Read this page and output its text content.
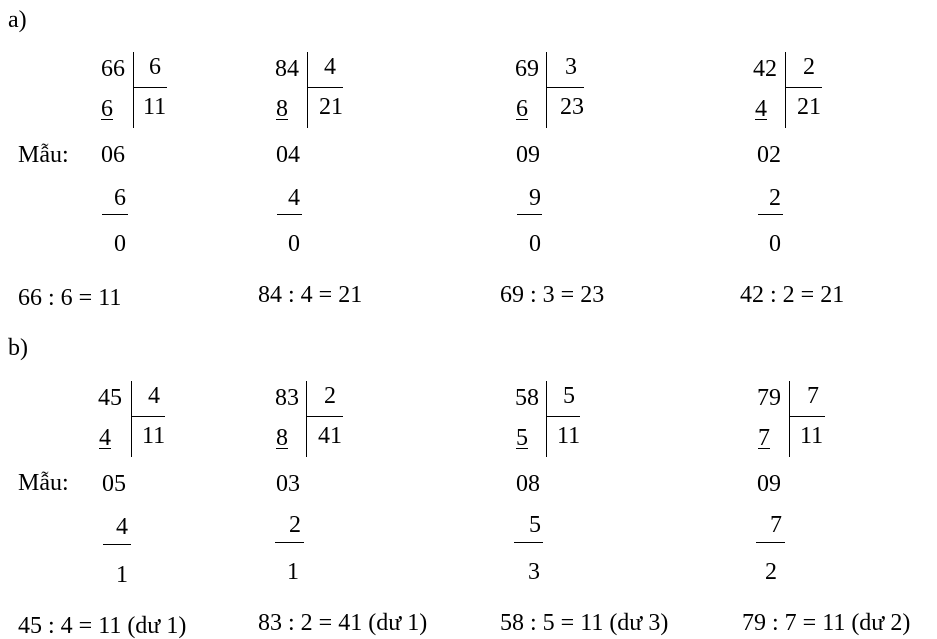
a)
Mẫu:
66 6
6 11
06
6
0
66 : 6 = 11
84 4
8 21
04
4
0
84 : 4 = 21
69 3
6 23
09
9
0
69 : 3 = 23
42 2
4 21
02
2
0
42 : 2 = 21
b)
Mẫu:
45 4
4 11
05
4
1
45 : 4 = 11 (dư 1)
83 2
8 41
03
2
1
83 : 2 = 41 (dư 1)
58 5
5 11
08
5
3
58 : 5 = 11 (dư 3)
79 7
7 11
09
7
2
79 : 7 = 11 (dư 2)
